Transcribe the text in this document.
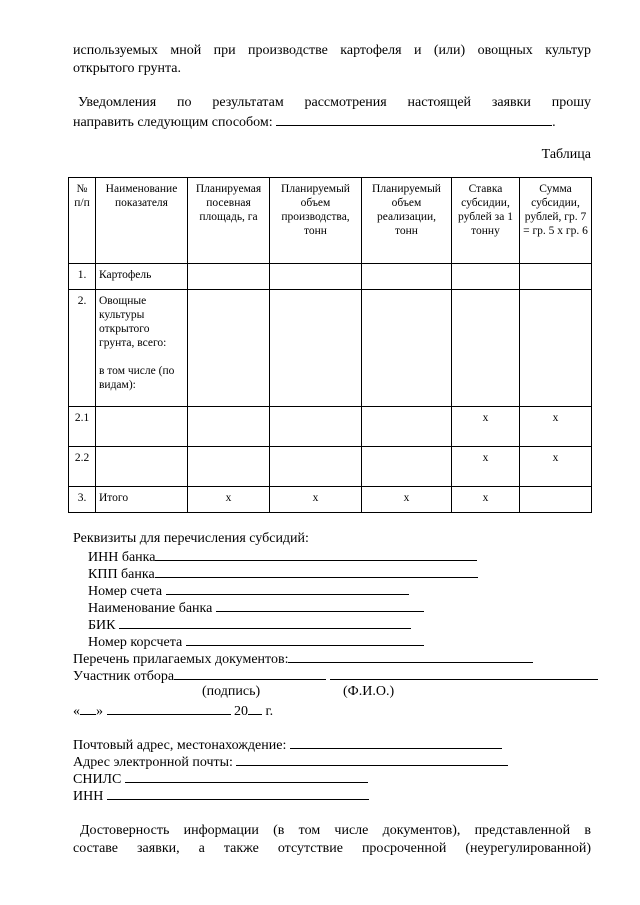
используемых мной при производстве картофеля и (или) овощных культур
открытого грунта.
Уведомления по результатам рассмотрения настоящей заявки прошу
направить следующим способом:	.
Таблица
№ п/п	Наименование показателя	Планируемая посевная площадь, га	Планируемый объем производства, тонн	Планируемый объем реализации, тонн	Ставка субсидии, рублей за 1 тонну	Сумма субсидии, рублей, гр. 7 = гр. 5 x гр. 6
1.	Картофель					
2.	Овощные культуры открытого грунта, всего:
в том числе (по видам):					

2.1					x	x
2.2					x	x
3.	Итого	x	x	x	x	
Реквизиты для перечисления субсидий:
ИНН банка
КПП банка
Номер счета
Наименование банка
БИК
Номер корсчета
Перечень прилагаемых документов:
Участник отбора
(подпись)	(Ф.И.О.)
« »	20 г.
Почтовый адрес, местонахождение:
Адрес электронной почты:
СНИЛС
ИНН
Достоверность информации (в том числе документов), представленной в
составе заявки, а также отсутствие просроченной (неурегулированной)
